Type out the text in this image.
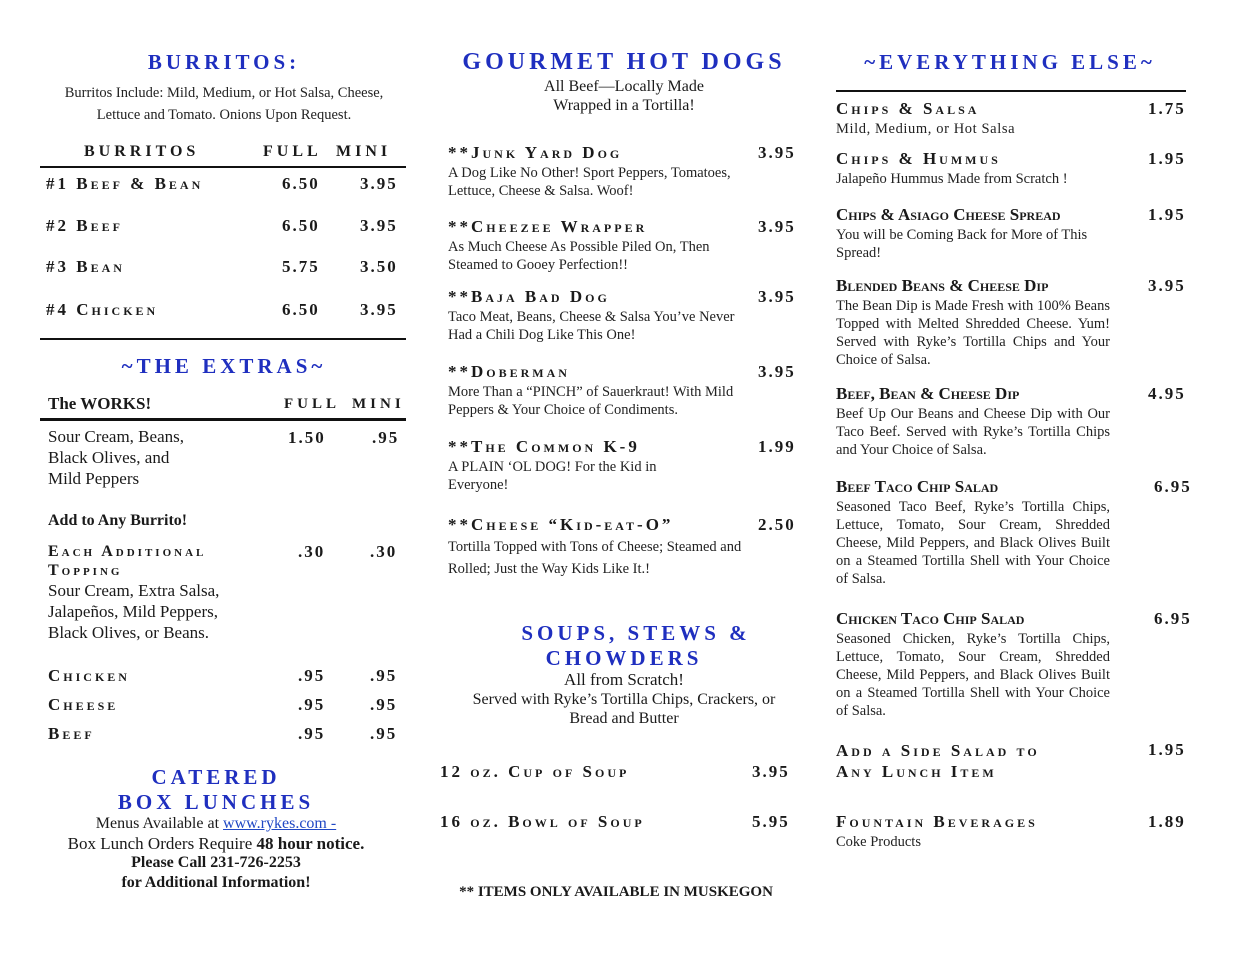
BURRITOS:
Burritos Include: Mild, Medium, or Hot Salsa, Cheese,
Lettuce and Tomato. Onions Upon Request.
BURRITOS	FULL MINI
#1 Beef & Bean	6.50 3.95
#2 Beef	6.50 3.95
#3 Bean	5.75 3.50
#4 Chicken	6.50 3.95
~THE EXTRAS~
The WORKS!	FULL MINI
Sour Cream, Beans,
Black Olives, and
Mild Peppers
1.50	.95
Add to Any Burrito!
Each Additional
Topping
.30	.30
Sour Cream, Extra Salsa,
Jalapeños, Mild Peppers,
Black Olives, or Beans.
Chicken	.95	.95
Cheese	.95	.95
Beef	.95	.95
CATERED
BOX LUNCHES
Menus Available at www.rykes.com -
Box Lunch Orders Require 48 hour notice.
Please Call 231-726-2253
for Additional Information!
GOURMET HOT DOGS
All Beef—Locally Made
Wrapped in a Tortilla!
**Junk Yard Dog	3.95
A Dog Like No Other! Sport Peppers, Tomatoes, Lettuce, Cheese & Salsa. Woof!
**Cheezee Wrapper	3.95
As Much Cheese As Possible Piled On, Then Steamed to Gooey Perfection!!
**Baja Bad Dog	3.95
Taco Meat, Beans, Cheese & Salsa You’ve Never Had a Chili Dog Like This One!
**Doberman	3.95
More Than a “PINCH” of Sauerkraut! With Mild Peppers & Your Choice of Condiments.
**The Common K-9	1.99
A PLAIN ‘OL DOG! For the Kid in Everyone!
**Cheese “Kid-eat-O”	2.50
Tortilla Topped with Tons of Cheese; Steamed and Rolled; Just the Way Kids Like It.!
SOUPS, STEWS &
CHOWDERS
All from Scratch!
Served with Ryke’s Tortilla Chips, Crackers, or
Bread and Butter
12 oz. Cup of Soup	3.95
16 oz. Bowl of Soup	5.95
** ITEMS ONLY AVAILABLE IN MUSKEGON
~EVERYTHING ELSE~
Chips & Salsa	1.75
Mild, Medium, or Hot Salsa
Chips & Hummus	1.95
Jalapeño Hummus Made from Scratch !
Chips & Asiago Cheese Spread	1.95
You will be Coming Back for More of This Spread!
Blended Beans & Cheese Dip	3.95
The Bean Dip is Made Fresh with 100% Beans Topped with Melted Shredded Cheese. Yum! Served with Ryke’s Tortilla Chips and Your Choice of Salsa.
Beef, Bean & Cheese Dip	4.95
Beef Up Our Beans and Cheese Dip with Our Taco Beef. Served with Ryke’s Tortilla Chips and Your Choice of Salsa.
Beef Taco Chip Salad	6.95
Seasoned Taco Beef, Ryke’s Tortilla Chips, Lettuce, Tomato, Sour Cream, Shredded Cheese, Mild Peppers, and Black Olives Built on a Steamed Tortilla Shell with Your Choice of Salsa.
Chicken Taco Chip Salad	6.95
Seasoned Chicken, Ryke’s Tortilla Chips, Lettuce, Tomato, Sour Cream, Shredded Cheese, Mild Peppers, and Black Olives Built on a Steamed Tortilla Shell with Your Choice of Salsa.
Add a Side Salad to
Any Lunch Item
1.95
Fountain Beverages	1.89
Coke Products
